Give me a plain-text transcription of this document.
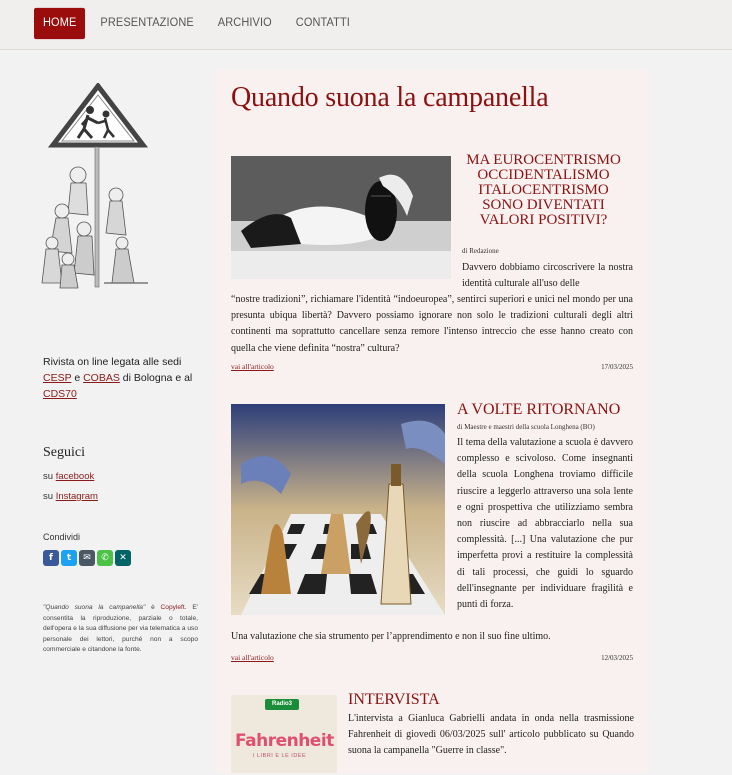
HOME	PRESENTAZIONE	ARCHIVIO	CONTATTI
Rivista on line legata alle sedi
CESP e COBAS di Bologna e al CDS70
Seguici
su facebook
su Instagram
Condividi
f	t	✉	✆	✕
"Quando suona la campanella" è Copyleft. E' consentita la riproduzione, parziale o totale, dell'opera e la sua diffusione per via telematica a uso personale dei lettori, purché non a scopo commerciale e citandone la fonte.
Quando suona la campanella
MA EUROCENTRISMO OCCIDENTALISMO ITALOCENTRISMO SONO DIVENTATI VALORI POSITIVI?
di Redazione
Davvero dobbiamo circoscrivere la nostra identità culturale all'uso delle
“nostre tradizioni”, richiamare l'identità “indoeuropea”, sentirci superiori e unici nel mondo per una presunta ubiqua libertà? Davvero possiamo ignorare non solo le tradizioni culturali degli altri continenti ma soprattutto cancellare senza remore l'intenso intreccio che esse hanno creato con quella che viene definita “nostra” cultura?
vai all'articolo	17/03/2025
A VOLTE RITORNANO
di Maestre e maestri della scuola Longhena (BO)
Il tema della valutazione a scuola è davvero complesso e scivoloso. Come insegnanti della scuola Longhena troviamo difficile riuscire a leggerlo attraverso una sola lente e ogni prospettiva che utilizziamo sembra non riuscire ad abbracciarlo nella sua complessità. [...] Una valutazione che pur imperfetta provi a restituire la complessità di tali processi, che guidi lo sguardo dell'insegnante per individuare fragilità e punti di forza.
Una valutazione che sia strumento per l’apprendimento e non il suo fine ultimo.
vai all'articolo	12/03/2025
Radio3
Fahrenheit
I LIBRI E LE IDEE
INTERVISTA
L'intervista a Gianluca Gabrielli andata in onda nella trasmissione Fahrenheit di giovedì 06/03/2025 sull' articolo pubblicato su Quando suona la campanella "Guerre in classe".
